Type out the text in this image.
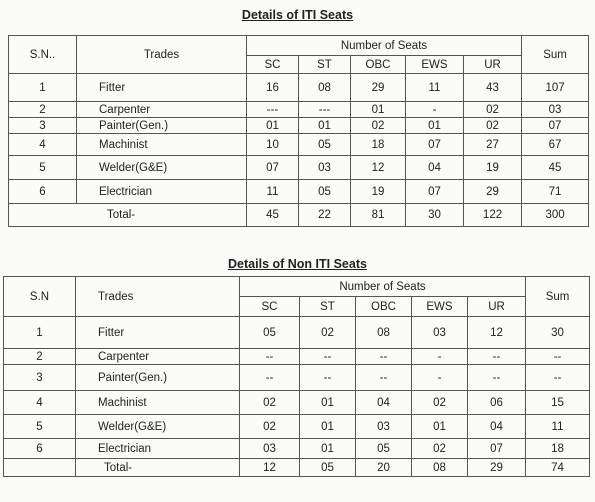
Details of ITI Seats
S.N..	Trades	Number of Seats					Sum
		SC	ST	OBC	EWS	UR	
1	Fitter	16	08	29	11	43	107
2	Carpenter	---	---	01	-	02	03
3	Painter(Gen.)	01	01	02	01	02	07
4	Machinist	10	05	18	07	27	67
5	Welder(G&E)	07	03	12	04	19	45
6	Electrician	11	05	19	07	29	71
Total-		45	22	81	30	122	300
Details of Non ITI Seats
S.N	Trades	Number of Seats					Sum
		SC	ST	OBC	EWS	UR	
1	Fitter	05	02	08	03	12	30
2	Carpenter	--	--	--	-	--	--
3	Painter(Gen.)	--	--	--	-	--	--
4	Machinist	02	01	04	02	06	15
5	Welder(G&E)	02	01	03	01	04	11
6	Electrician	03	01	05	02	07	18
	Total-	12	05	20	08	29	74
